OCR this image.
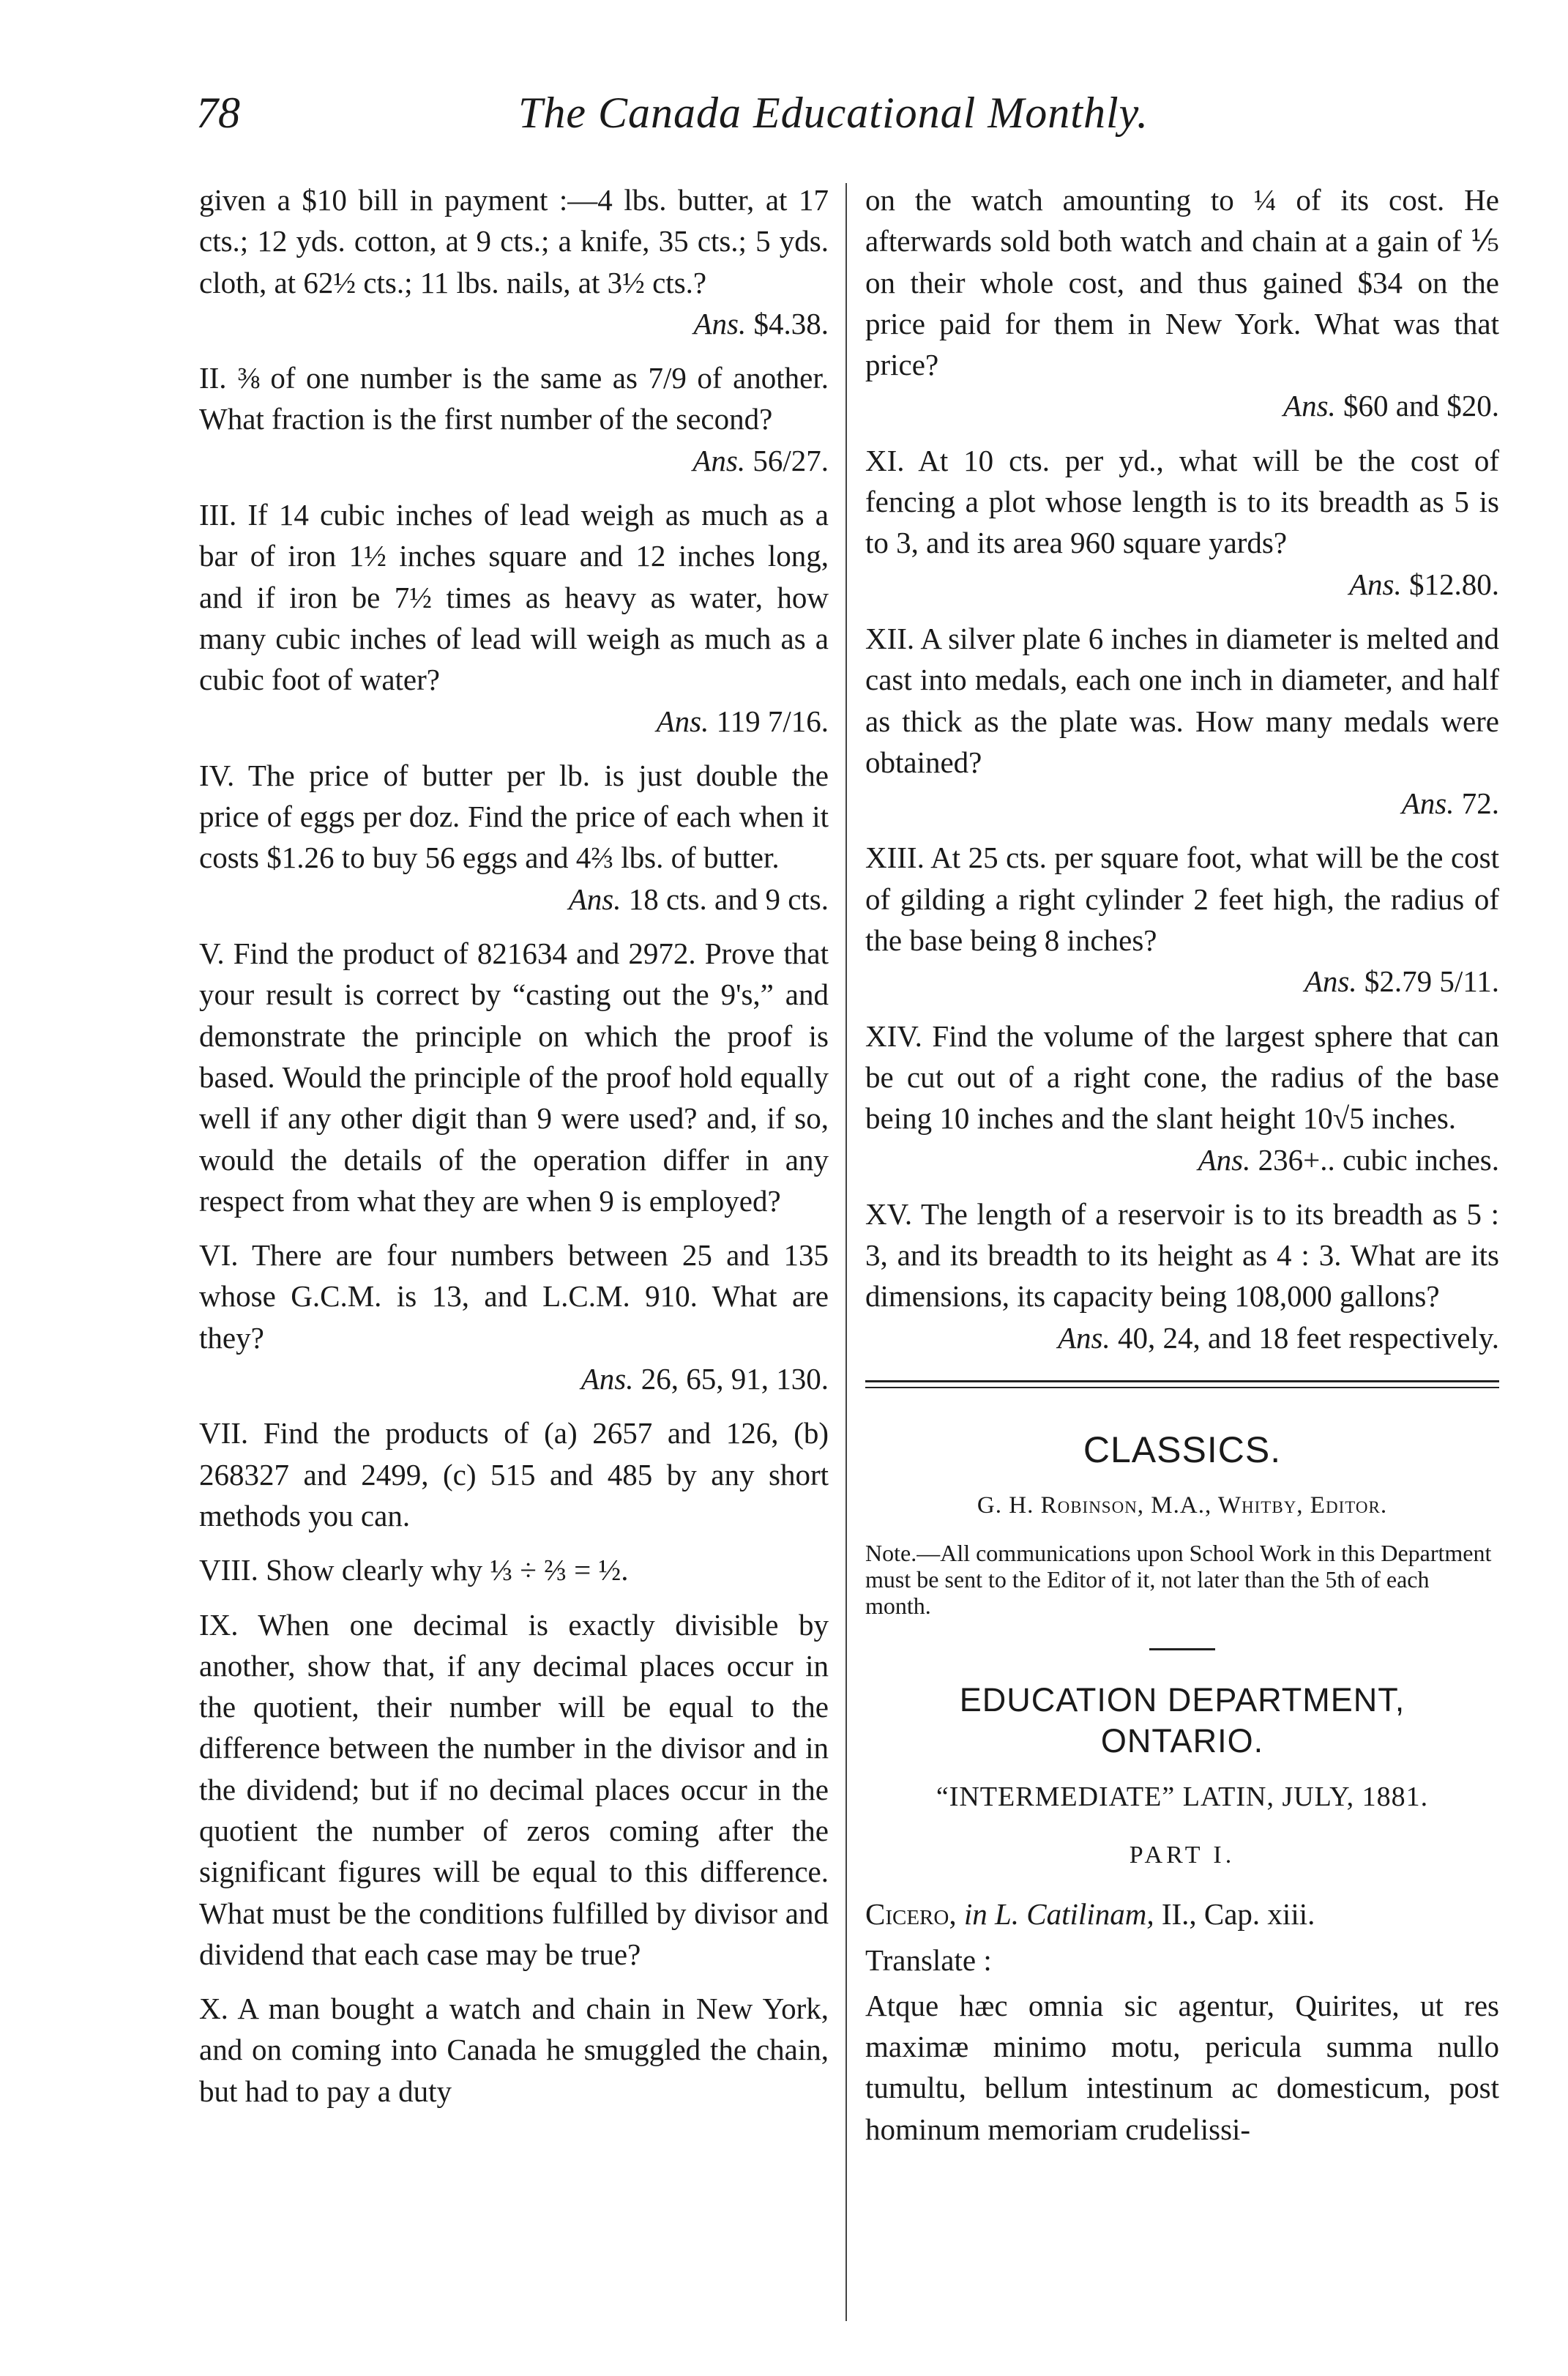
78	The Canada Educational Monthly.
given a $10 bill in payment :—4 lbs. butter, at 17 cts.; 12 yds. cotton, at 9 cts.; a knife, 35 cts.; 5 yds. cloth, at 62½ cts.; 11 lbs. nails, at 3½ cts.?
Ans. $4.38.
II. ⅜ of one number is the same as 7/9 of another. What fraction is the first number of the second?
Ans. 56/27.
III. If 14 cubic inches of lead weigh as much as a bar of iron 1½ inches square and 12 inches long, and if iron be 7½ times as heavy as water, how many cubic inches of lead will weigh as much as a cubic foot of water?
Ans. 119 7/16.
IV. The price of butter per lb. is just double the price of eggs per doz. Find the price of each when it costs $1.26 to buy 56 eggs and 4⅔ lbs. of butter.
Ans. 18 cts. and 9 cts.
V. Find the product of 821634 and 2972. Prove that your result is correct by “casting out the 9's,” and demonstrate the principle on which the proof is based. Would the principle of the proof hold equally well if any other digit than 9 were used? and, if so, would the details of the operation differ in any respect from what they are when 9 is employed?
VI. There are four numbers between 25 and 135 whose G.C.M. is 13, and L.C.M. 910. What are they?
Ans. 26, 65, 91, 130.
VII. Find the products of (a) 2657 and 126, (b) 268327 and 2499, (c) 515 and 485 by any short methods you can.
VIII. Show clearly why ⅓ ÷ ⅔ = ½.
IX. When one decimal is exactly divisible by another, show that, if any decimal places occur in the quotient, their number will be equal to the difference between the number in the divisor and in the dividend; but if no decimal places occur in the quotient the number of zeros coming after the significant figures will be equal to this difference. What must be the conditions fulfilled by divisor and dividend that each case may be true?
X. A man bought a watch and chain in New York, and on coming into Canada he smuggled the chain, but had to pay a duty
on the watch amounting to ¼ of its cost. He afterwards sold both watch and chain at a gain of ⅕ on their whole cost, and thus gained $34 on the price paid for them in New York. What was that price?
Ans. $60 and $20.
XI. At 10 cts. per yd., what will be the cost of fencing a plot whose length is to its breadth as 5 is to 3, and its area 960 square yards?
Ans. $12.80.
XII. A silver plate 6 inches in diameter is melted and cast into medals, each one inch in diameter, and half as thick as the plate was. How many medals were obtained?
Ans. 72.
XIII. At 25 cts. per square foot, what will be the cost of gilding a right cylinder 2 feet high, the radius of the base being 8 inches?
Ans. $2.79 5/11.
XIV. Find the volume of the largest sphere that can be cut out of a right cone, the radius of the base being 10 inches and the slant height 10√5 inches.
Ans. 236+.. cubic inches.
XV. The length of a reservoir is to its breadth as 5 : 3, and its breadth to its height as 4 : 3. What are its dimensions, its capacity being 108,000 gallons?
Ans. 40, 24, and 18 feet respectively.
CLASSICS.
G. H. Robinson, M.A., Whitby, Editor.
Note.—All communications upon School Work in this Department must be sent to the Editor of it, not later than the 5th of each month.
EDUCATION DEPARTMENT,
ONTARIO.
“INTERMEDIATE” LATIN, JULY, 1881.
PART I.
Cicero, in L. Catilinam, II., Cap. xiii.
Translate :

Atque hæc omnia sic agentur, Quirites, ut res maximæ minimo motu, pericula summa nullo tumultu, bellum intestinum ac domesticum, post hominum memoriam crudelissi-
